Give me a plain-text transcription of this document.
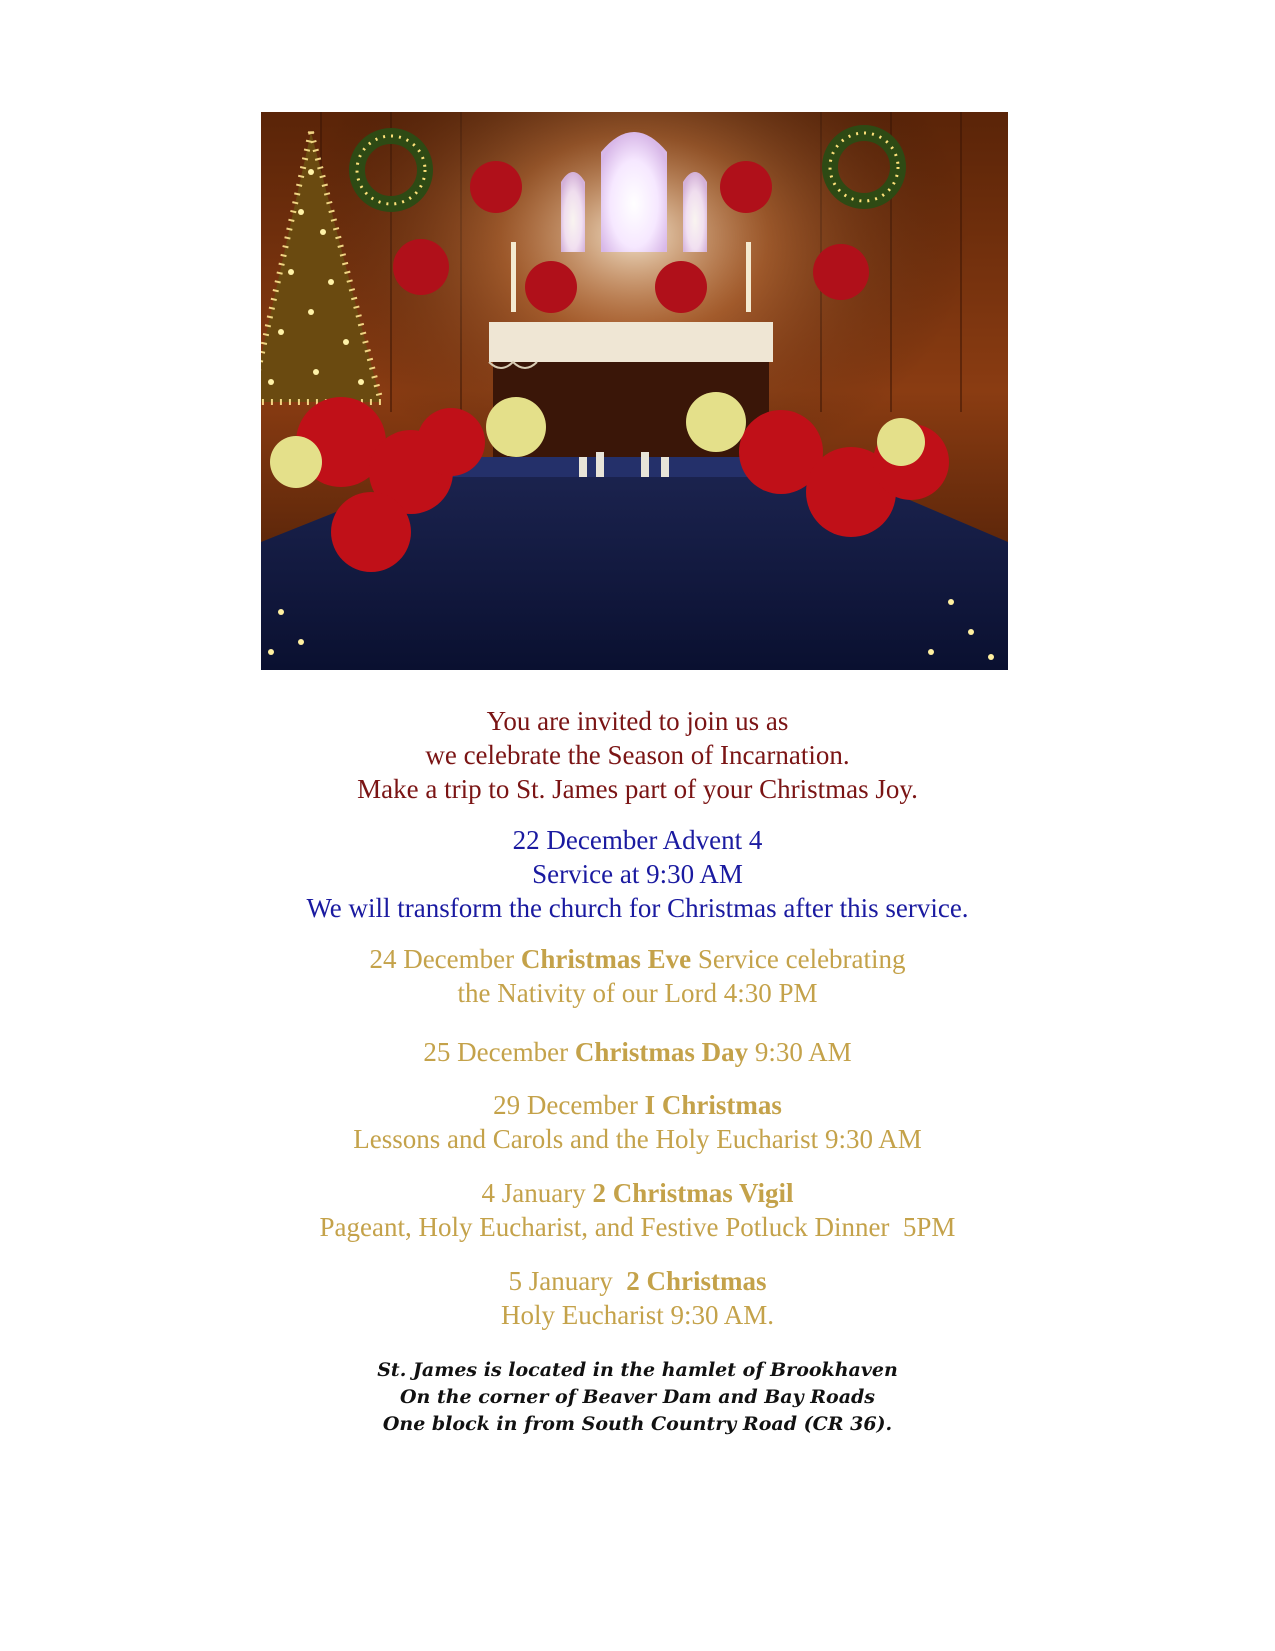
You are invited to join us as
we celebrate the Season of Incarnation.
Make a trip to St. James part of your Christmas Joy.
22 December Advent 4
Service at 9:30 AM
We will transform the church for Christmas after this service.
24 December Christmas Eve Service celebrating
the Nativity of our Lord 4:30 PM
25 December Christmas Day 9:30 AM
29 December I Christmas
Lessons and Carols and the Holy Eucharist 9:30 AM
4 January 2 Christmas Vigil
Pageant, Holy Eucharist, and Festive Potluck Dinner  5PM
5 January 2 Christmas
Holy Eucharist 9:30 AM.
St. James is located in the hamlet of Brookhaven
On the corner of Beaver Dam and Bay Roads
One block in from South Country Road (CR 36).
